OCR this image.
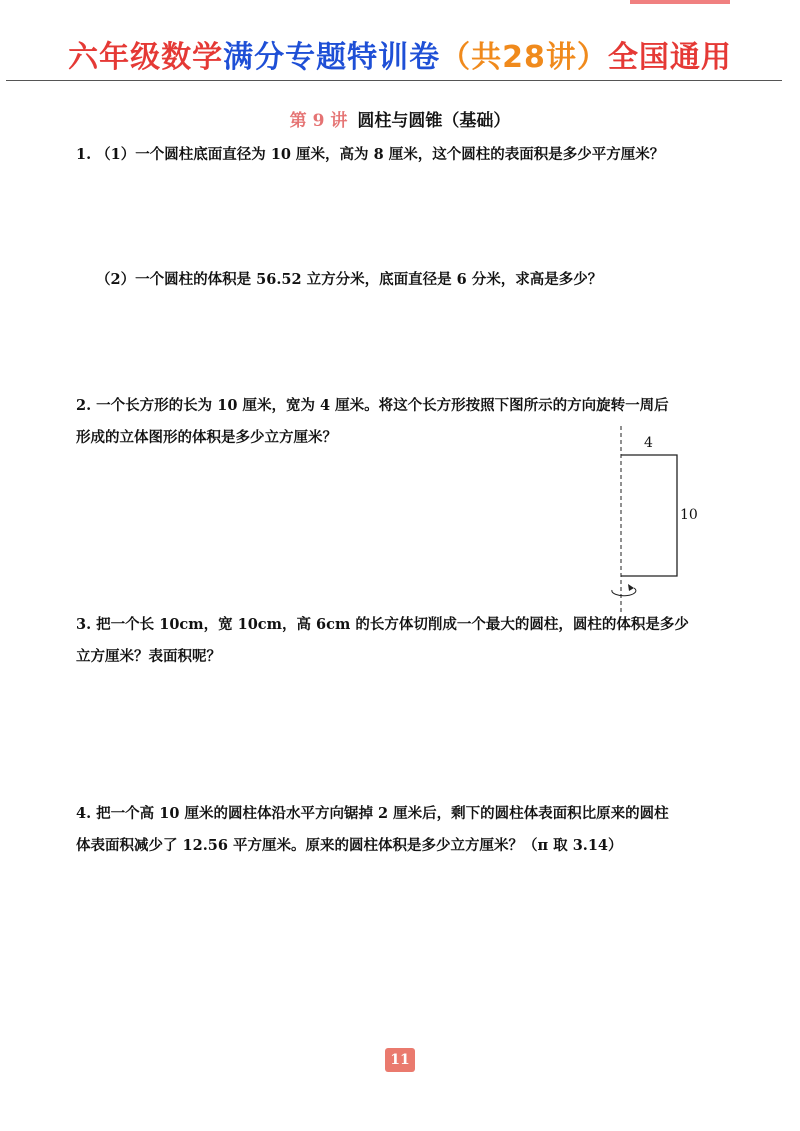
六年级数学满分专题特训卷（共28讲）全国通用
第 9 讲 圆柱与圆锥（基础）
1. （1）一个圆柱底面直径为 10 厘米，高为 8 厘米，这个圆柱的表面积是多少平方厘米？
（2）一个圆柱的体积是 56.52 立方分米，底面直径是 6 分米，求高是多少？
2. 一个长方形的长为 10 厘米，宽为 4 厘米。将这个长方形按照下图所示的方向旋转一周后
形成的立体图形的体积是多少立方厘米？	4
10
3. 把一个长 10cm，宽 10cm，高 6cm 的长方体切削成一个最大的圆柱，圆柱的体积是多少
立方厘米？表面积呢？
4. 把一个高 10 厘米的圆柱体沿水平方向锯掉 2 厘米后，剩下的圆柱体表面积比原来的圆柱
体表面积减少了 12.56 平方厘米。原来的圆柱体积是多少立方厘米？（π 取 3.14）
11
